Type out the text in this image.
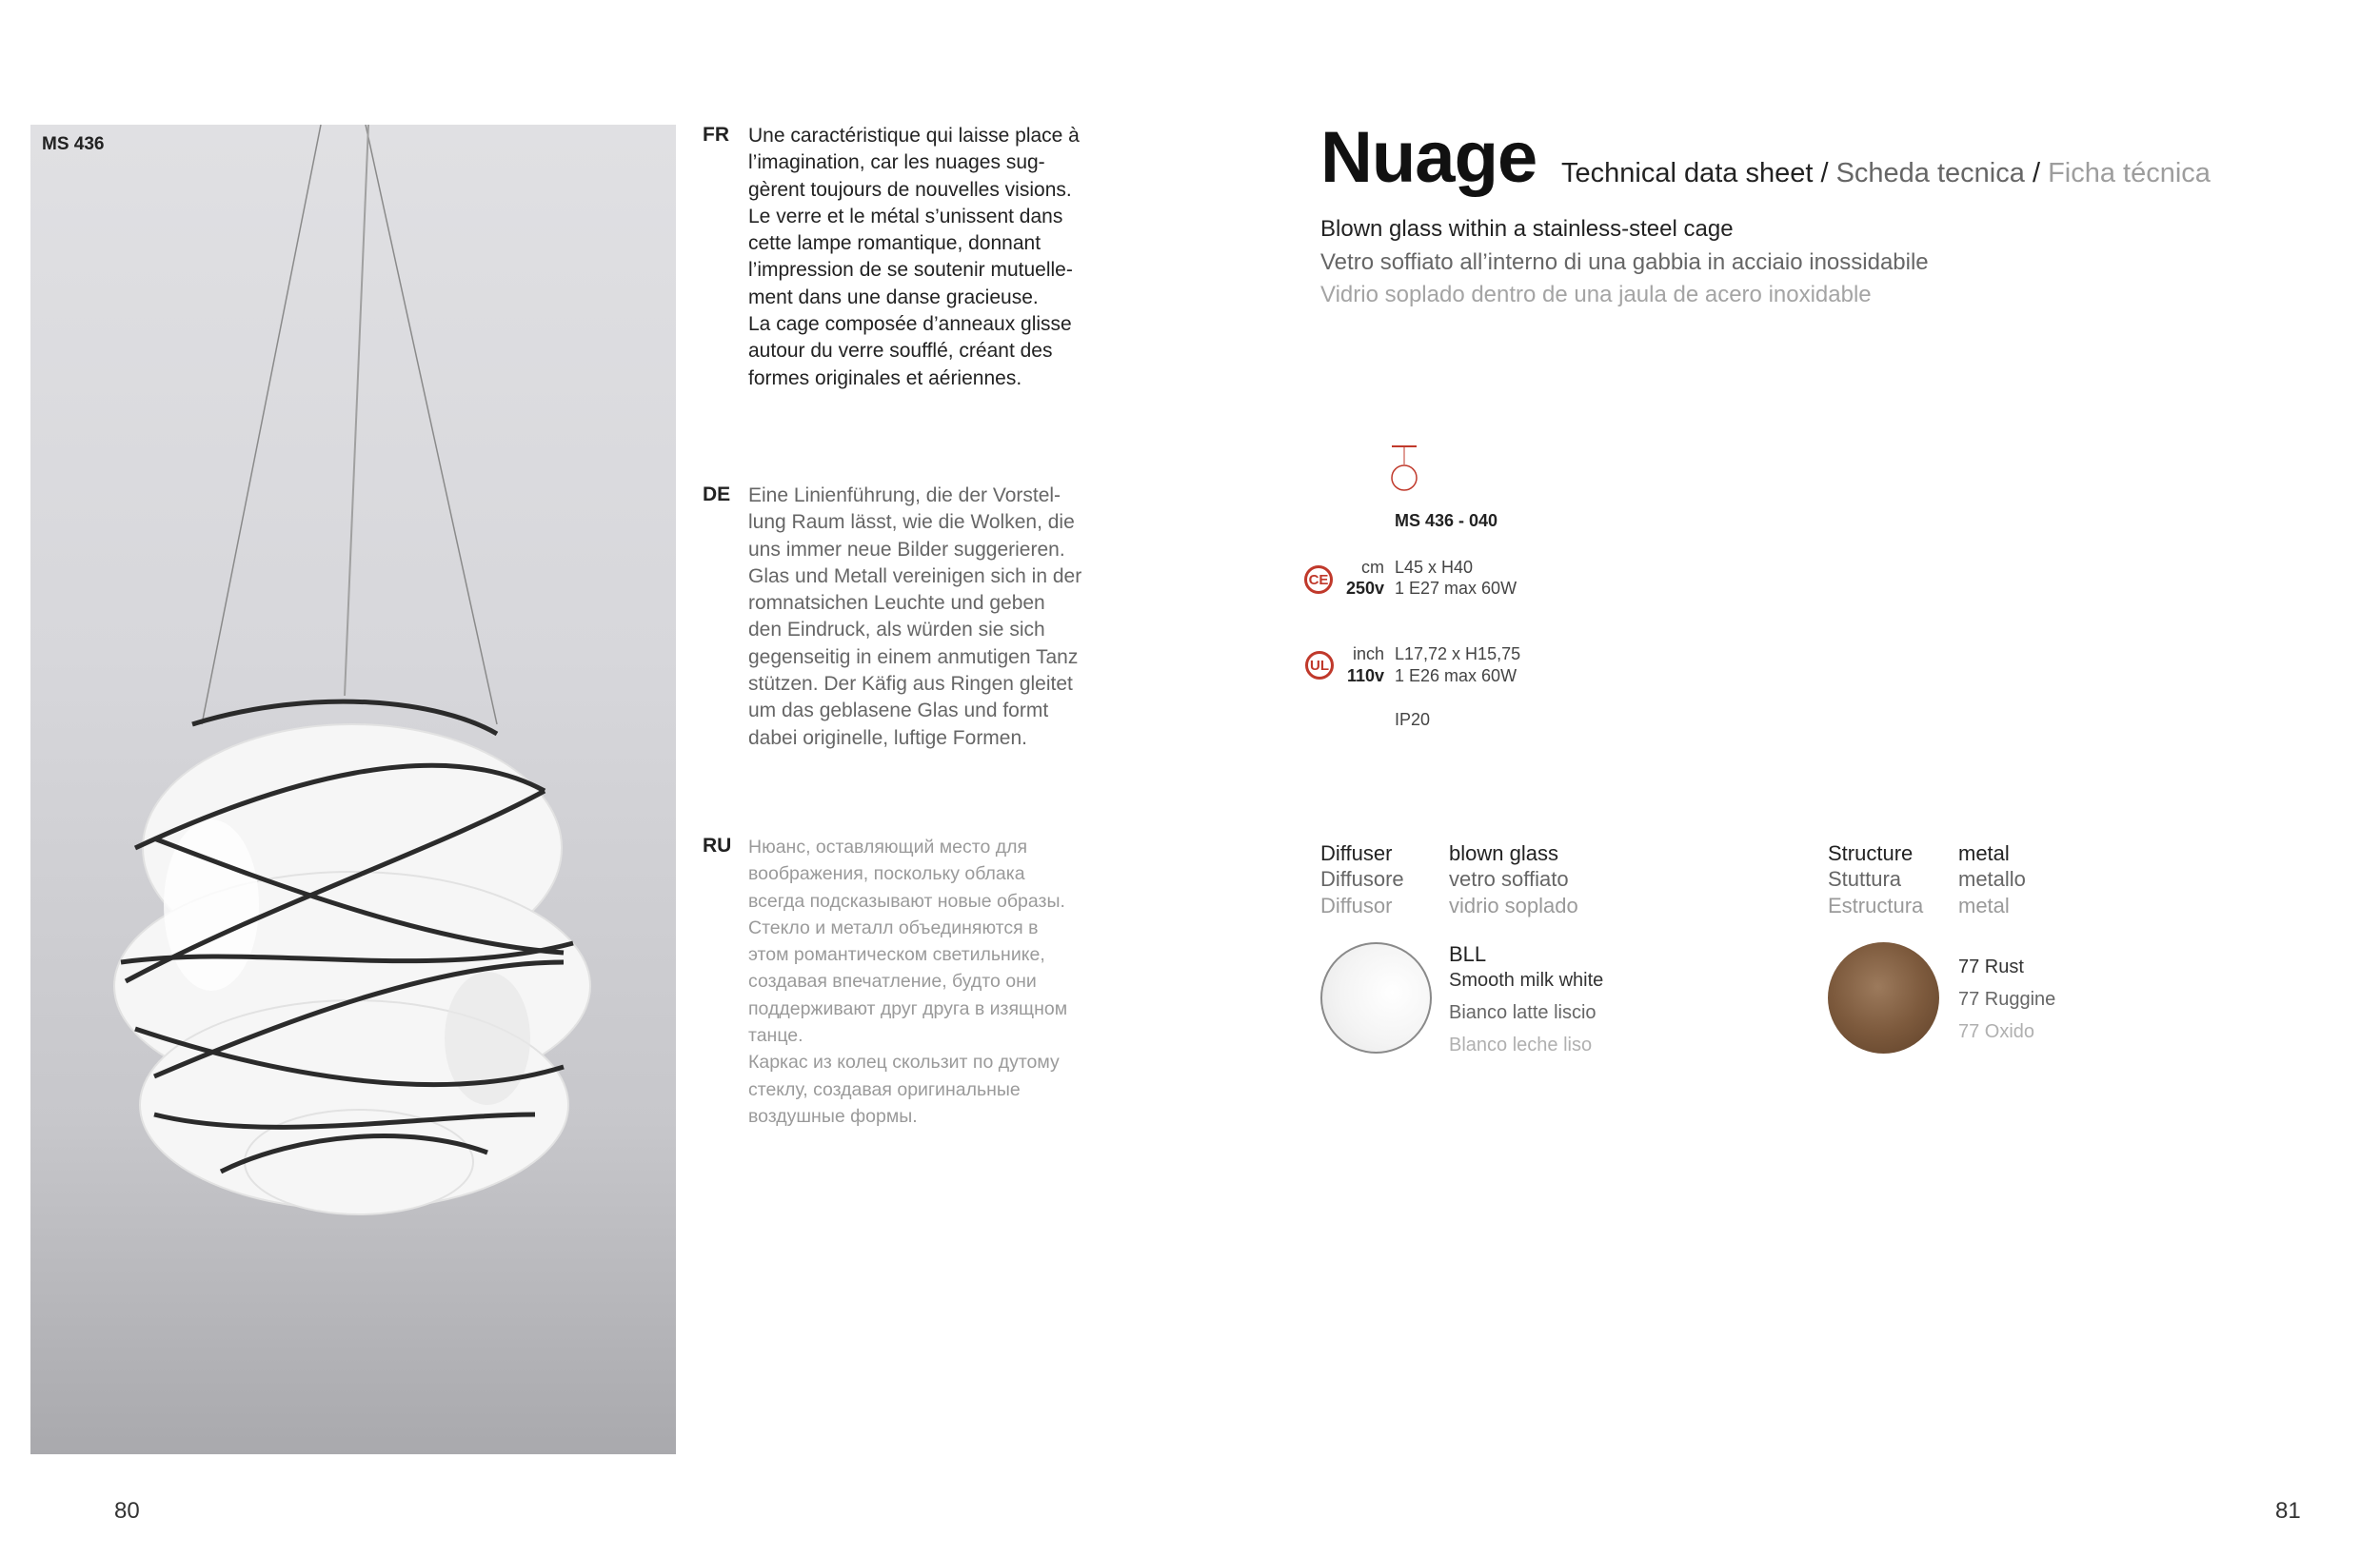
MS 436	FR Une caractéristique qui laisse place à
l’imagination, car les nuages sug-
gèrent toujours de nouvelles visions.
Le verre et le métal s’unissent dans
cette lampe romantique, donnant
l’impression de se soutenir mutuelle-
ment dans une danse gracieuse.
La cage composée d’anneaux glisse
autour du verre soufflé, créant des
formes originales et aériennes.
DE Eine Linienführung, die der Vorstel-
lung Raum lässt, wie die Wolken, die
uns immer neue Bilder suggerieren.
Glas und Metall vereinigen sich in der
romnatsichen Leuchte und geben
den Eindruck, als würden sie sich
gegenseitig in einem anmutigen Tanz
stützen. Der Käfig aus Ringen gleitet
um das geblasene Glas und formt
dabei originelle, luftige Formen.
RU Нюанс, оставляющий место для
воображения, поскольку облака
всегда подсказывают новые образы.
Стекло и металл объединяются в
этом романтическом светильнике,
создавая впечатление, будто они
поддерживают друг друга в изящном
танце.
Каркас из колец скользит по дутому
стеклу, создавая оригинальные
воздушные формы.
Nuage Technical data sheet / Scheda tecnica / Ficha técnica
Blown glass within a stainless-steel cage
Vetro soffiato all’interno di una gabbia in acciaio inossidabile
Vidrio soplado dentro de una jaula de acero inoxidable
MS 436 - 040
CE
cm
250v
L45 x H40
1 E27 max 60W
UL
inch
110v
L17,72 x H15,75
1 E26 max 60W
IP20
Diffuser
Diffusore
Diffusor
blown glass
vetro soffiato
vidrio soplado
BLL
Smooth milk white
Bianco latte liscio
Blanco leche liso
Structure
Stuttura
Estructura
metal
metallo
metal
77 Rust
77 Ruggine
77 Oxido
80	81
